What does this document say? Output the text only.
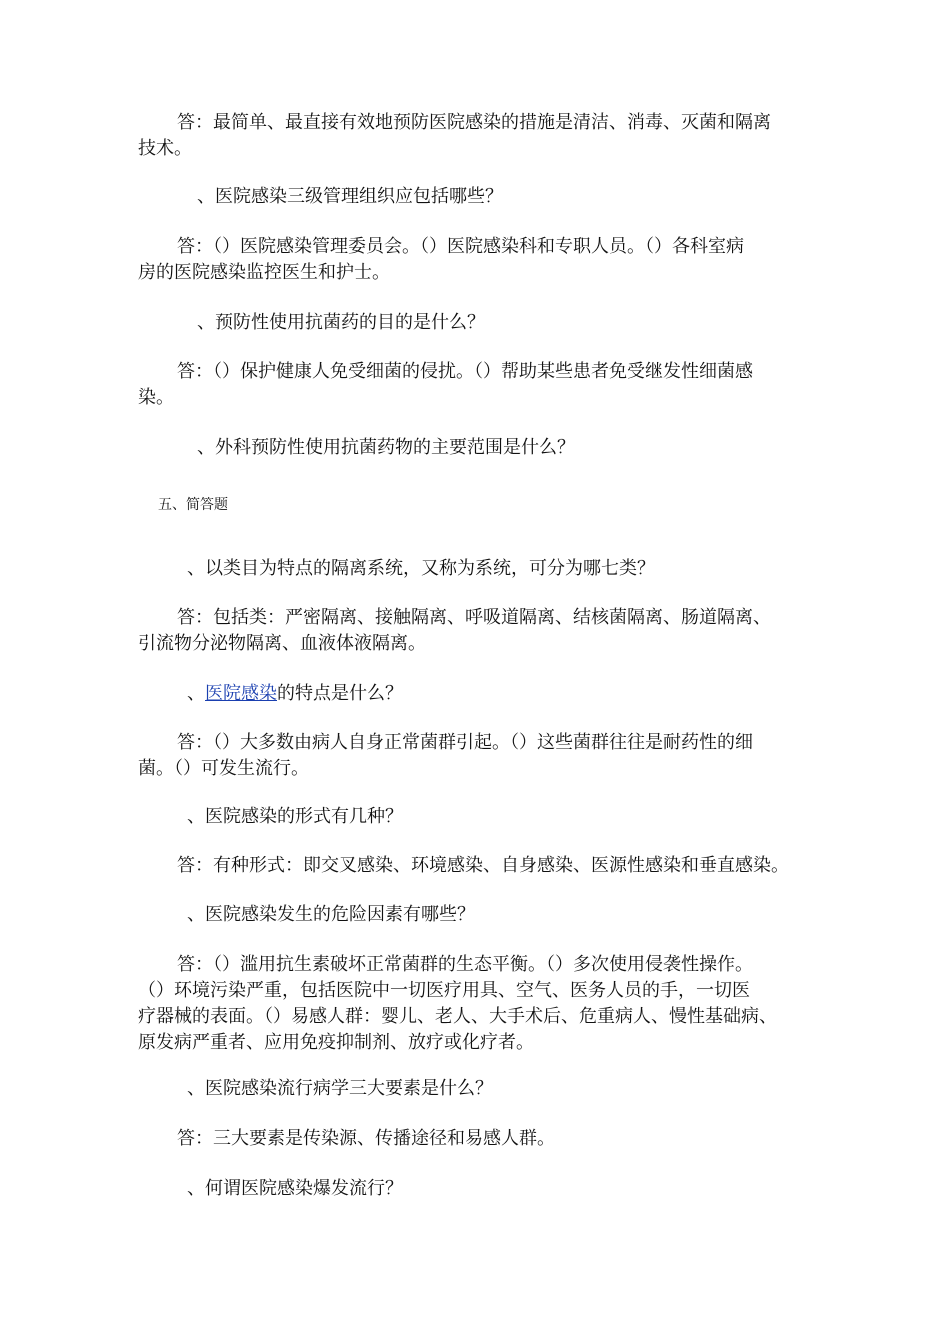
答：最简单、最直接有效地预防医院感染的措施是清洁、消毒、灭菌和隔离
技术。
、医院感染三级管理组织应包括哪些？
答：（）医院感染管理委员会。（）医院感染科和专职人员。（）各科室病
房的医院感染监控医生和护士。
、预防性使用抗菌药的目的是什么？
答：（）保护健康人免受细菌的侵扰。（）帮助某些患者免受继发性细菌感
染。
、外科预防性使用抗菌药物的主要范围是什么？
五、简答题
、以类目为特点的隔离系统，又称为系统，可分为哪七类？
答：包括类：严密隔离、接触隔离、呼吸道隔离、结核菌隔离、肠道隔离、
引流物分泌物隔离、血液体液隔离。
、医院感染的特点是什么？
答：（）大多数由病人自身正常菌群引起。（）这些菌群往往是耐药性的细
菌。（）可发生流行。
、医院感染的形式有几种？
答：有种形式：即交叉感染、环境感染、自身感染、医源性感染和垂直感染。
、医院感染发生的危险因素有哪些？
答：（）滥用抗生素破坏正常菌群的生态平衡。（）多次使用侵袭性操作。
（）环境污染严重，包括医院中一切医疗用具、空气、医务人员的手，一切医
疗器械的表面。（）易感人群：婴儿、老人、大手术后、危重病人、慢性基础病、
原发病严重者、应用免疫抑制剂、放疗或化疗者。
、医院感染流行病学三大要素是什么？
答：三大要素是传染源、传播途径和易感人群。
、何谓医院感染爆发流行？
